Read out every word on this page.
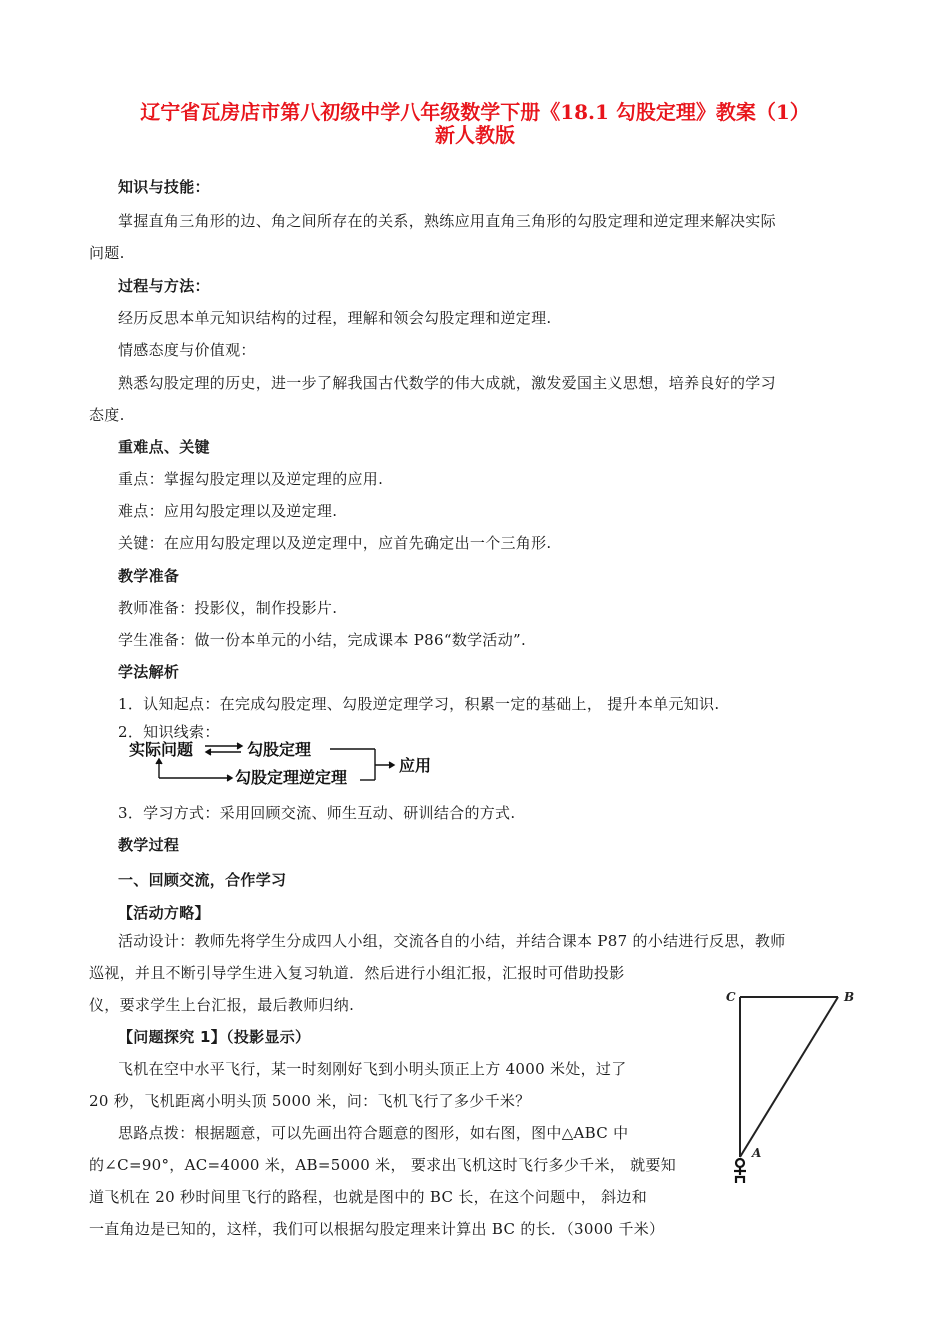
辽宁省瓦房店市第八初级中学八年级数学下册《18.1 勾股定理》教案（1）
新人教版
知识与技能：
掌握直角三角形的边、角之间所存在的关系，熟练应用直角三角形的勾股定理和逆定理来解决实际
问题.
过程与方法：
经历反思本单元知识结构的过程，理解和领会勾股定理和逆定理.
情感态度与价值观：
熟悉勾股定理的历史，进一步了解我国古代数学的伟大成就，激发爱国主义思想，培养良好的学习
态度.
重难点、关键
重点：掌握勾股定理以及逆定理的应用.
难点：应用勾股定理以及逆定理.
关键：在应用勾股定理以及逆定理中，应首先确定出一个三角形.
教学准备
教师准备：投影仪，制作投影片.
学生准备：做一份本单元的小结，完成课本 P86“数学活动”.
学法解析
1．认知起点：在完成勾股定理、勾股逆定理学习，积累一定的基础上， 提升本单元知识.
2．知识线索：
实际问题	勾股定理
勾股定理逆定理
应用
3．学习方式：采用回顾交流、师生互动、研训结合的方式.
教学过程
一、回顾交流，合作学习
【活动方略】
活动设计：教师先将学生分成四人小组，交流各自的小结，并结合课本 P87 的小结进行反思，教师
巡视，并且不断引导学生进入复习轨道．然后进行小组汇报，汇报时可借助投影
仪，要求学生上台汇报，最后教师归纳.
【问题探究 1】（投影显示）
飞机在空中水平飞行，某一时刻刚好飞到小明头顶正上方 4000 米处，过了
20 秒，飞机距离小明头顶 5000 米，问：飞机飞行了多少千米？
思路点拨：根据题意，可以先画出符合题意的图形，如右图，图中△ABC 中
的∠C=90°，AC=4000 米，AB=5000 米， 要求出飞机这时飞行多少千米， 就要知
道飞机在 20 秒时间里飞行的路程，也就是图中的 BC 长，在这个问题中， 斜边和
一直角边是已知的，这样，我们可以根据勾股定理来计算出 BC 的长．（3000 千米）
C	B
A
